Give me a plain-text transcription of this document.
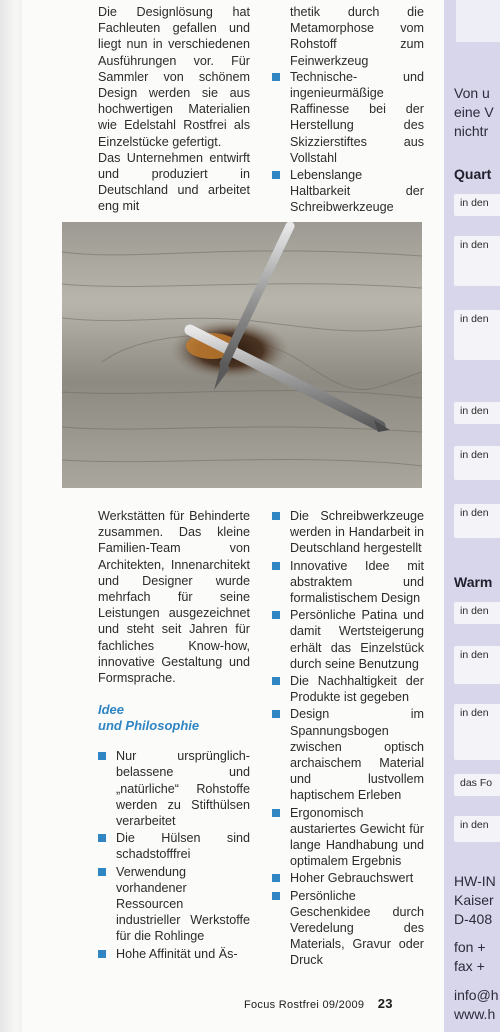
Die Designlösung hat Fachleuten gefallen und liegt nun in verschiedenen Ausführungen vor. Für Sammler von schönem Design werden sie aus hochwertigen Materialien wie Edelstahl Rostfrei als Einzelstücke gefertigt.

Das Unternehmen entwirft und produziert in Deutschland und arbeitet eng mit

thetik durch die Metamorphose vom Rohstoff zum Feinwerkzeug

Technische- und ingenieurmäßige Raffinesse bei der Herstellung des Skizzierstiftes aus Vollstahl
Lebenslange Haltbarkeit der Schreibwerkzeuge

Werkstätten für Behinderte zusammen. Das kleine Familien-Team von Architekten, Innenarchitekt und Designer wurde mehrfach für seine Leistungen ausgezeichnet und steht seit Jahren für fachliches Know-how, innovative Gestaltung und Formsprache.

Idee
und Philosophie
Nur ursprünglich- belassene und „natürliche“ Rohstoffe werden zu Stifthülsen verarbeitet
Die Hülsen sind schadstofffrei
Verwendung vorhandener Ressourcen industrieller Werkstoffe für die Rohlinge
Hohe Affinität und Äs-
Die Schreibwerkzeuge werden in Handarbeit in Deutschland hergestellt
Innovative Idee mit abstraktem und formalistischem Design
Persönliche Patina und damit Wertsteigerung erhält das Einzelstück durch seine Benutzung
Die Nachhaltigkeit der Produkte ist gegeben
Design im Spannungsbogen zwischen optisch archaischem Material und lustvollem haptischem Erleben
Ergonomisch austariertes Gewicht für lange Handhabung und optimalem Ergebnis
Hoher Gebrauchswert
Persönliche Geschenkidee durch Veredelung des Materials, Gravur oder Druck
Focus Rostfrei 09/2009 23
Von u
eine V
nichtr
Quart
in den
in den
in den
in den
in den
in den
Warm
in den
in den
in den
das Fo
in den
HW-IN
Kaiser
D-408
fon +
fax +
info@h
www.h
